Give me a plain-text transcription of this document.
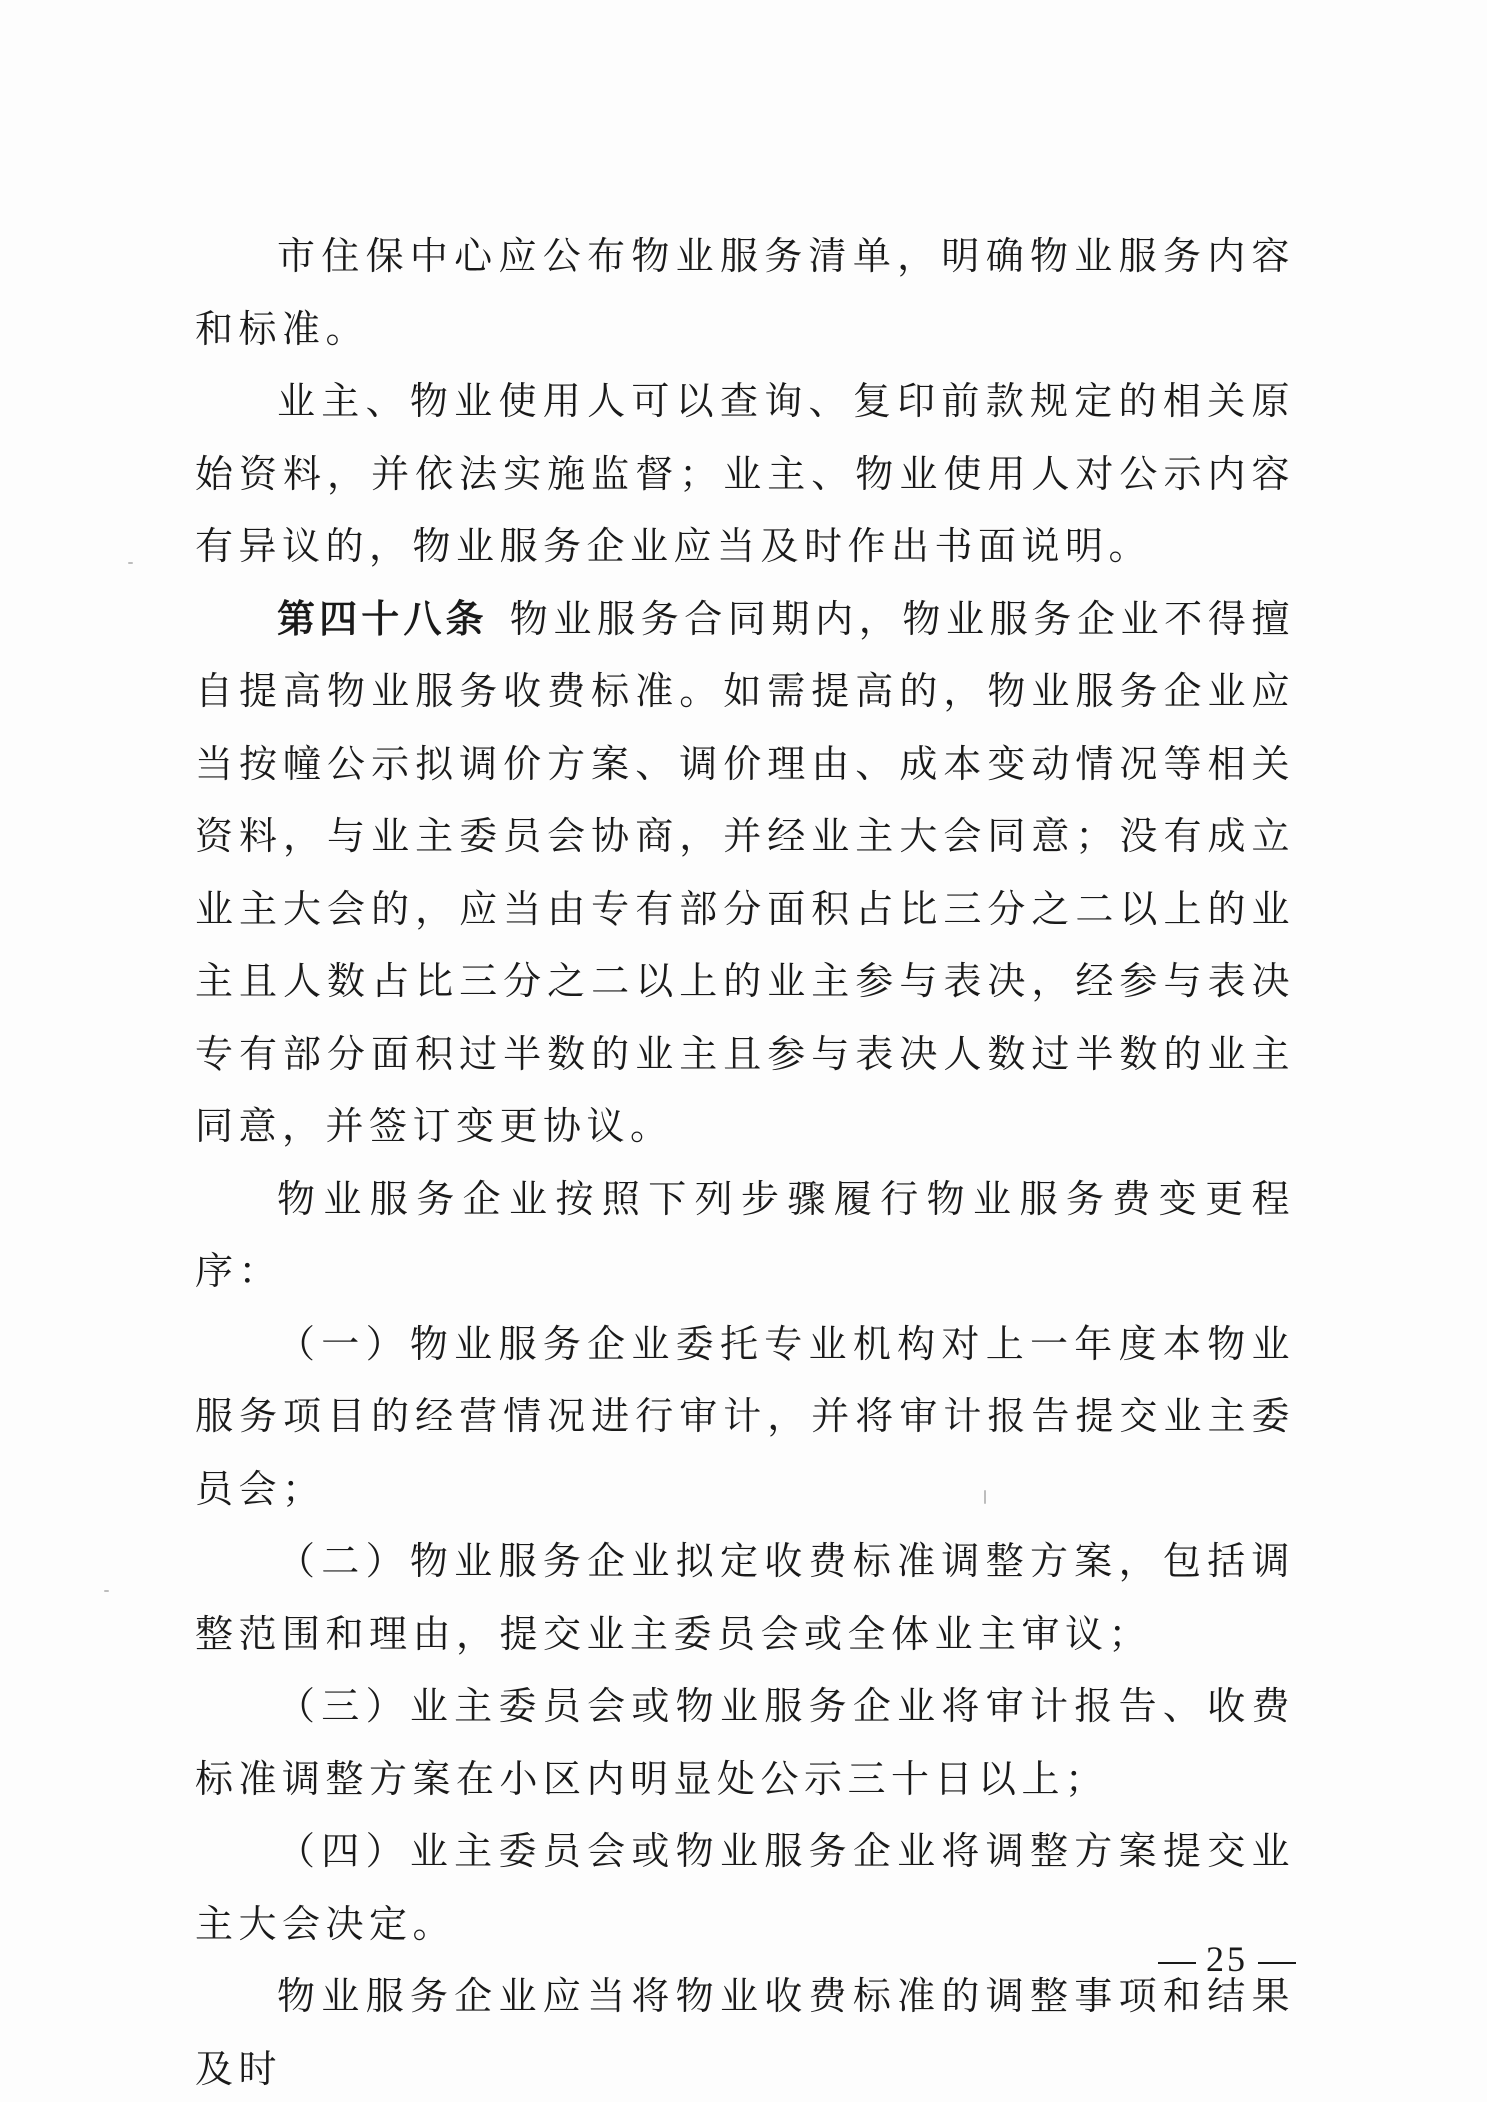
市住保中心应公布物业服务清单，明确物业服务内容和标准。

业主、物业使用人可以查询、复印前款规定的相关原始资料，并依法实施监督；业主、物业使用人对公示内容有异议的，物业服务企业应当及时作出书面说明。

第四十八条 物业服务合同期内，物业服务企业不得擅自提高物业服务收费标准。如需提高的，物业服务企业应当按幢公示拟调价方案、调价理由、成本变动情况等相关资料，与业主委员会协商，并经业主大会同意；没有成立业主大会的，应当由专有部分面积占比三分之二以上的业主且人数占比三分之二以上的业主参与表决，经参与表决专有部分面积过半数的业主且参与表决人数过半数的业主同意，并签订变更协议。

物业服务企业按照下列步骤履行物业服务费变更程序：

（一）物业服务企业委托专业机构对上一年度本物业服务项目的经营情况进行审计，并将审计报告提交业主委员会；

（二）物业服务企业拟定收费标准调整方案，包括调整范围和理由，提交业主委员会或全体业主审议；

（三）业主委员会或物业服务企业将审计报告、收费标准调整方案在小区内明显处公示三十日以上；

（四）业主委员会或物业服务企业将调整方案提交业主大会决定。

物业服务企业应当将物业收费标准的调整事项和结果及时

25
